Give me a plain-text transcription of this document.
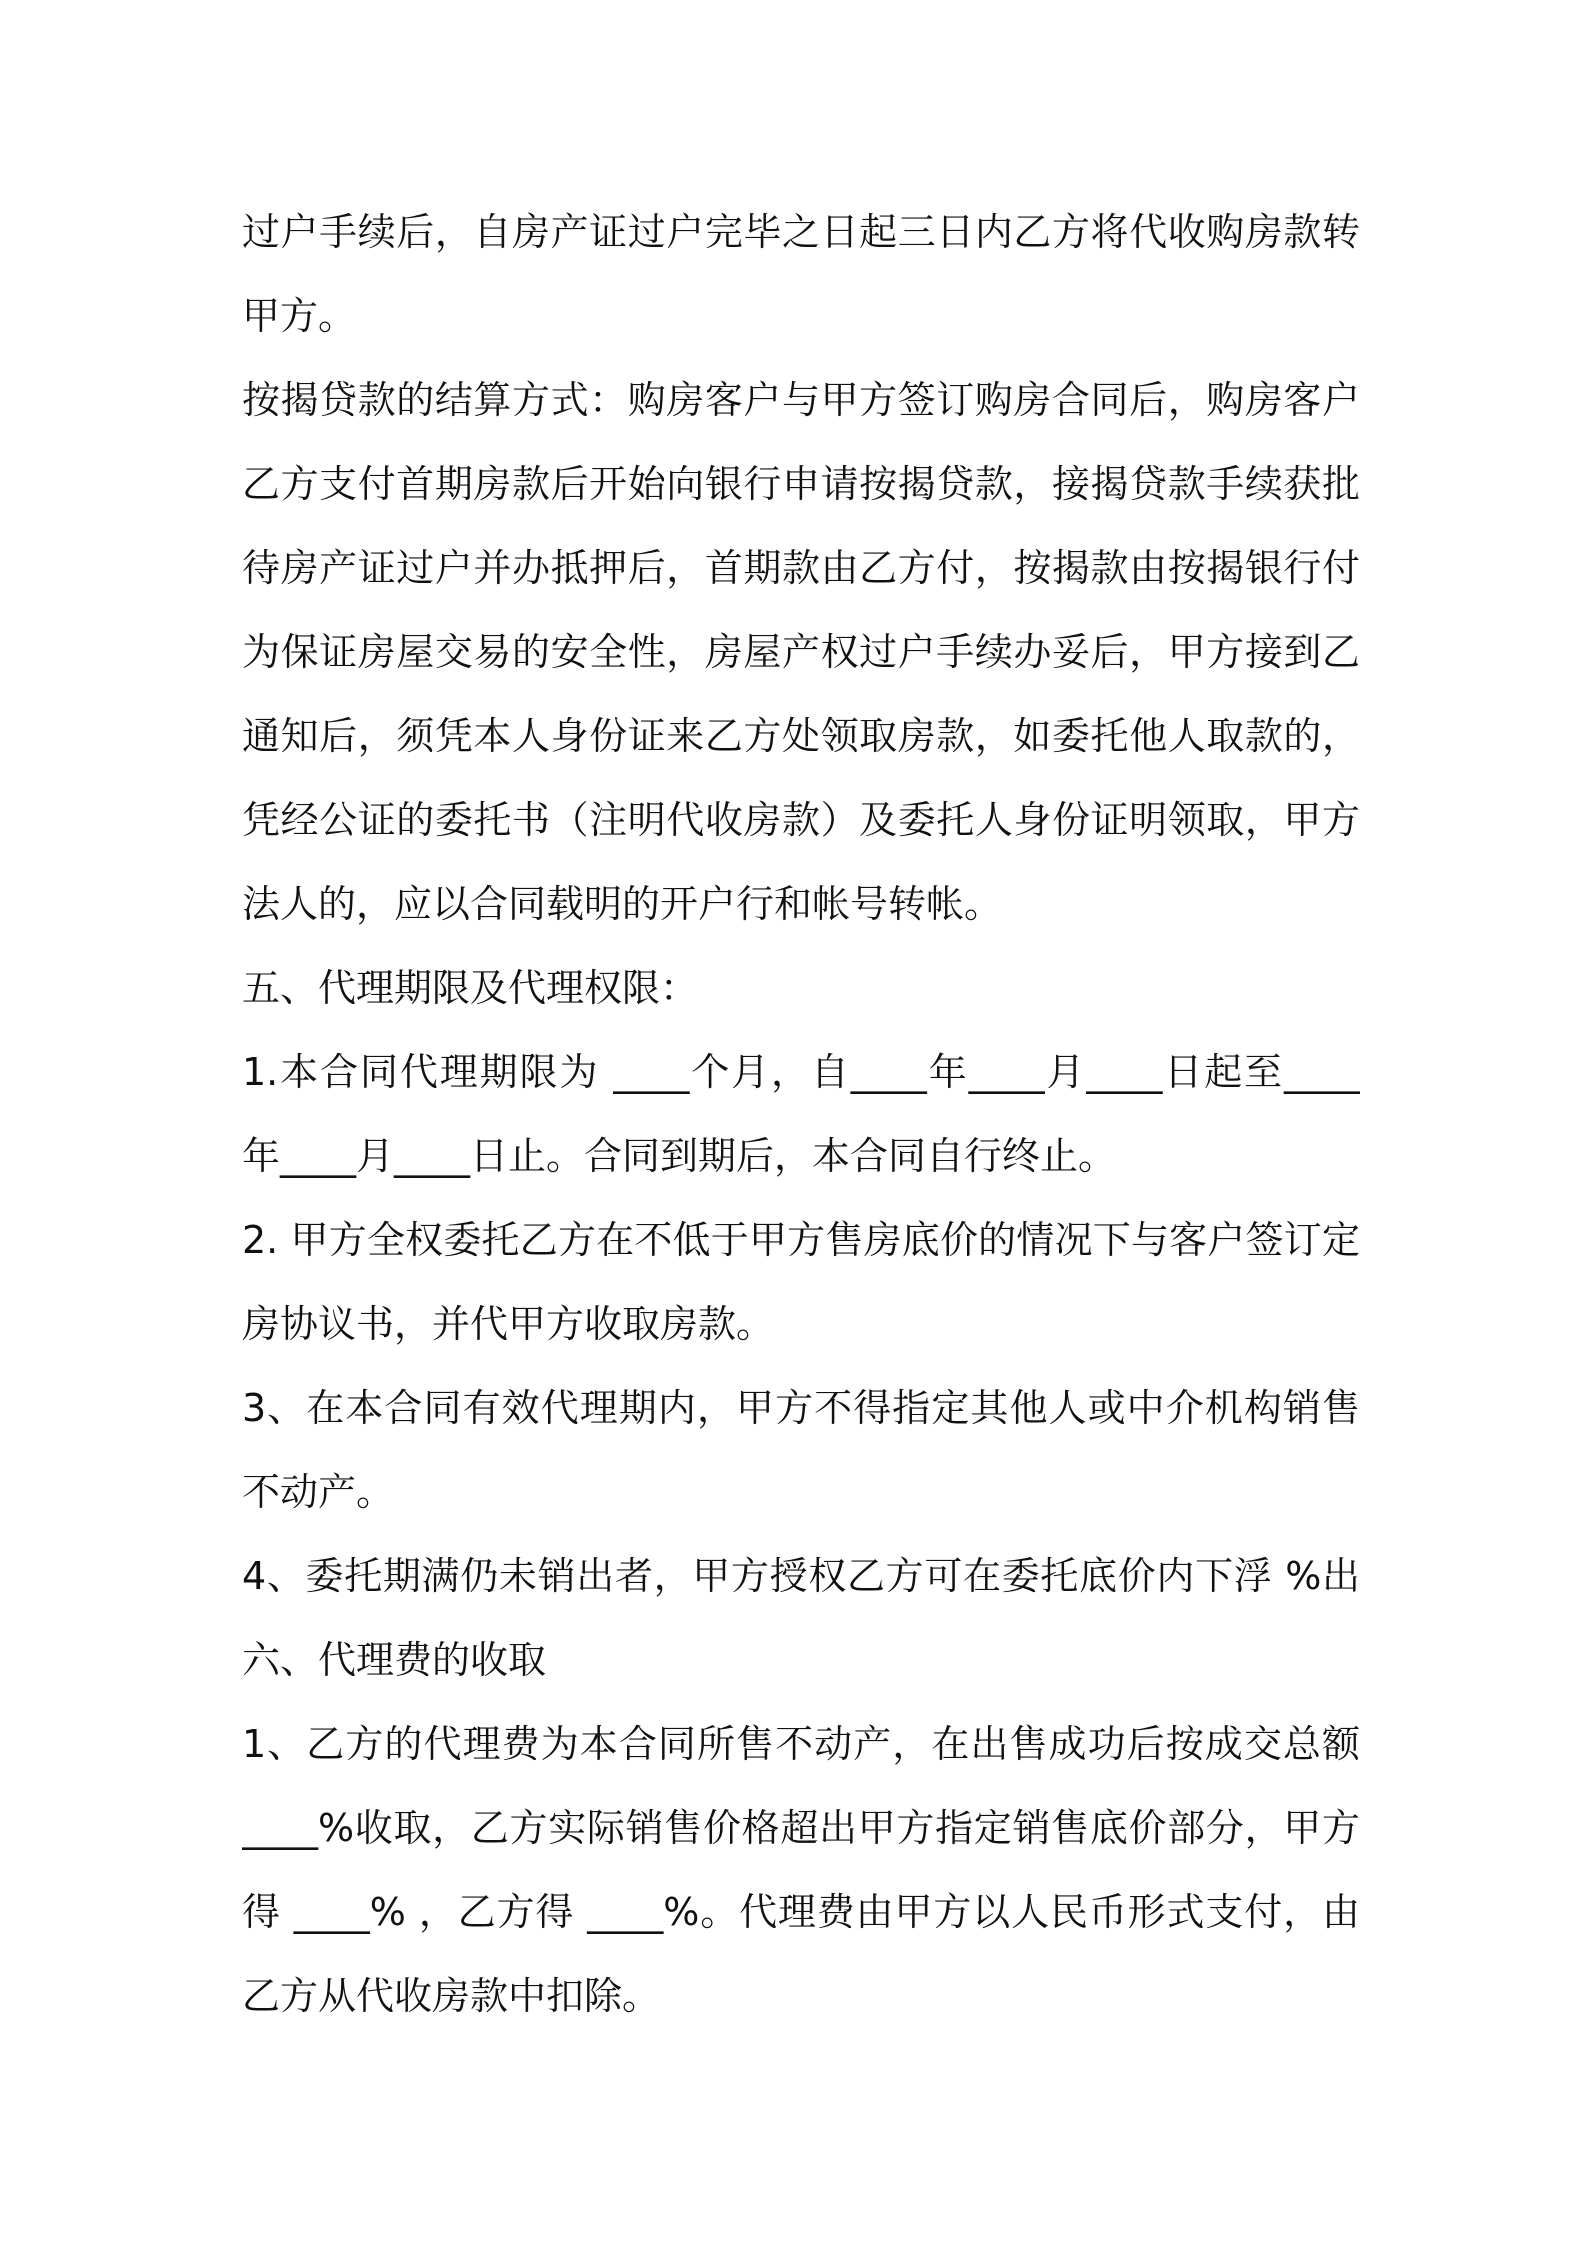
过户手续后，自房产证过户完毕之日起三日内乙方将代收购房款转
甲方。
按揭贷款的结算方式：购房客户与甲方签订购房合同后，购房客户
乙方支付首期房款后开始向银行申请按揭贷款，接揭贷款手续获批
待房产证过户并办抵押后，首期款由乙方付，按揭款由按揭银行付
为保证房屋交易的安全性，房屋产权过户手续办妥后，甲方接到乙
通知后，须凭本人身份证来乙方处领取房款，如委托他人取款的，
凭经公证的委托书（注明代收房款）及委托人身份证明领取，甲方
法人的，应以合同载明的开户行和帐号转帐。
五、代理期限及代理权限：
1.本合同代理期限为 ____个月，自____年____月____日起至____
年____月____日止。合同到期后，本合同自行终止。
2. 甲方全权委托乙方在不低于甲方售房底价的情况下与客户签订定
房协议书，并代甲方收取房款。
3、在本合同有效代理期内，甲方不得指定其他人或中介机构销售
不动产。
4、委托期满仍未销出者，甲方授权乙方可在委托底价内下浮 %出
六、代理费的收取
1、乙方的代理费为本合同所售不动产，在出售成功后按成交总额
____%收取，乙方实际销售价格超出甲方指定销售底价部分，甲方
得 ____% ，乙方得 ____%。代理费由甲方以人民币形式支付，由
乙方从代收房款中扣除。
